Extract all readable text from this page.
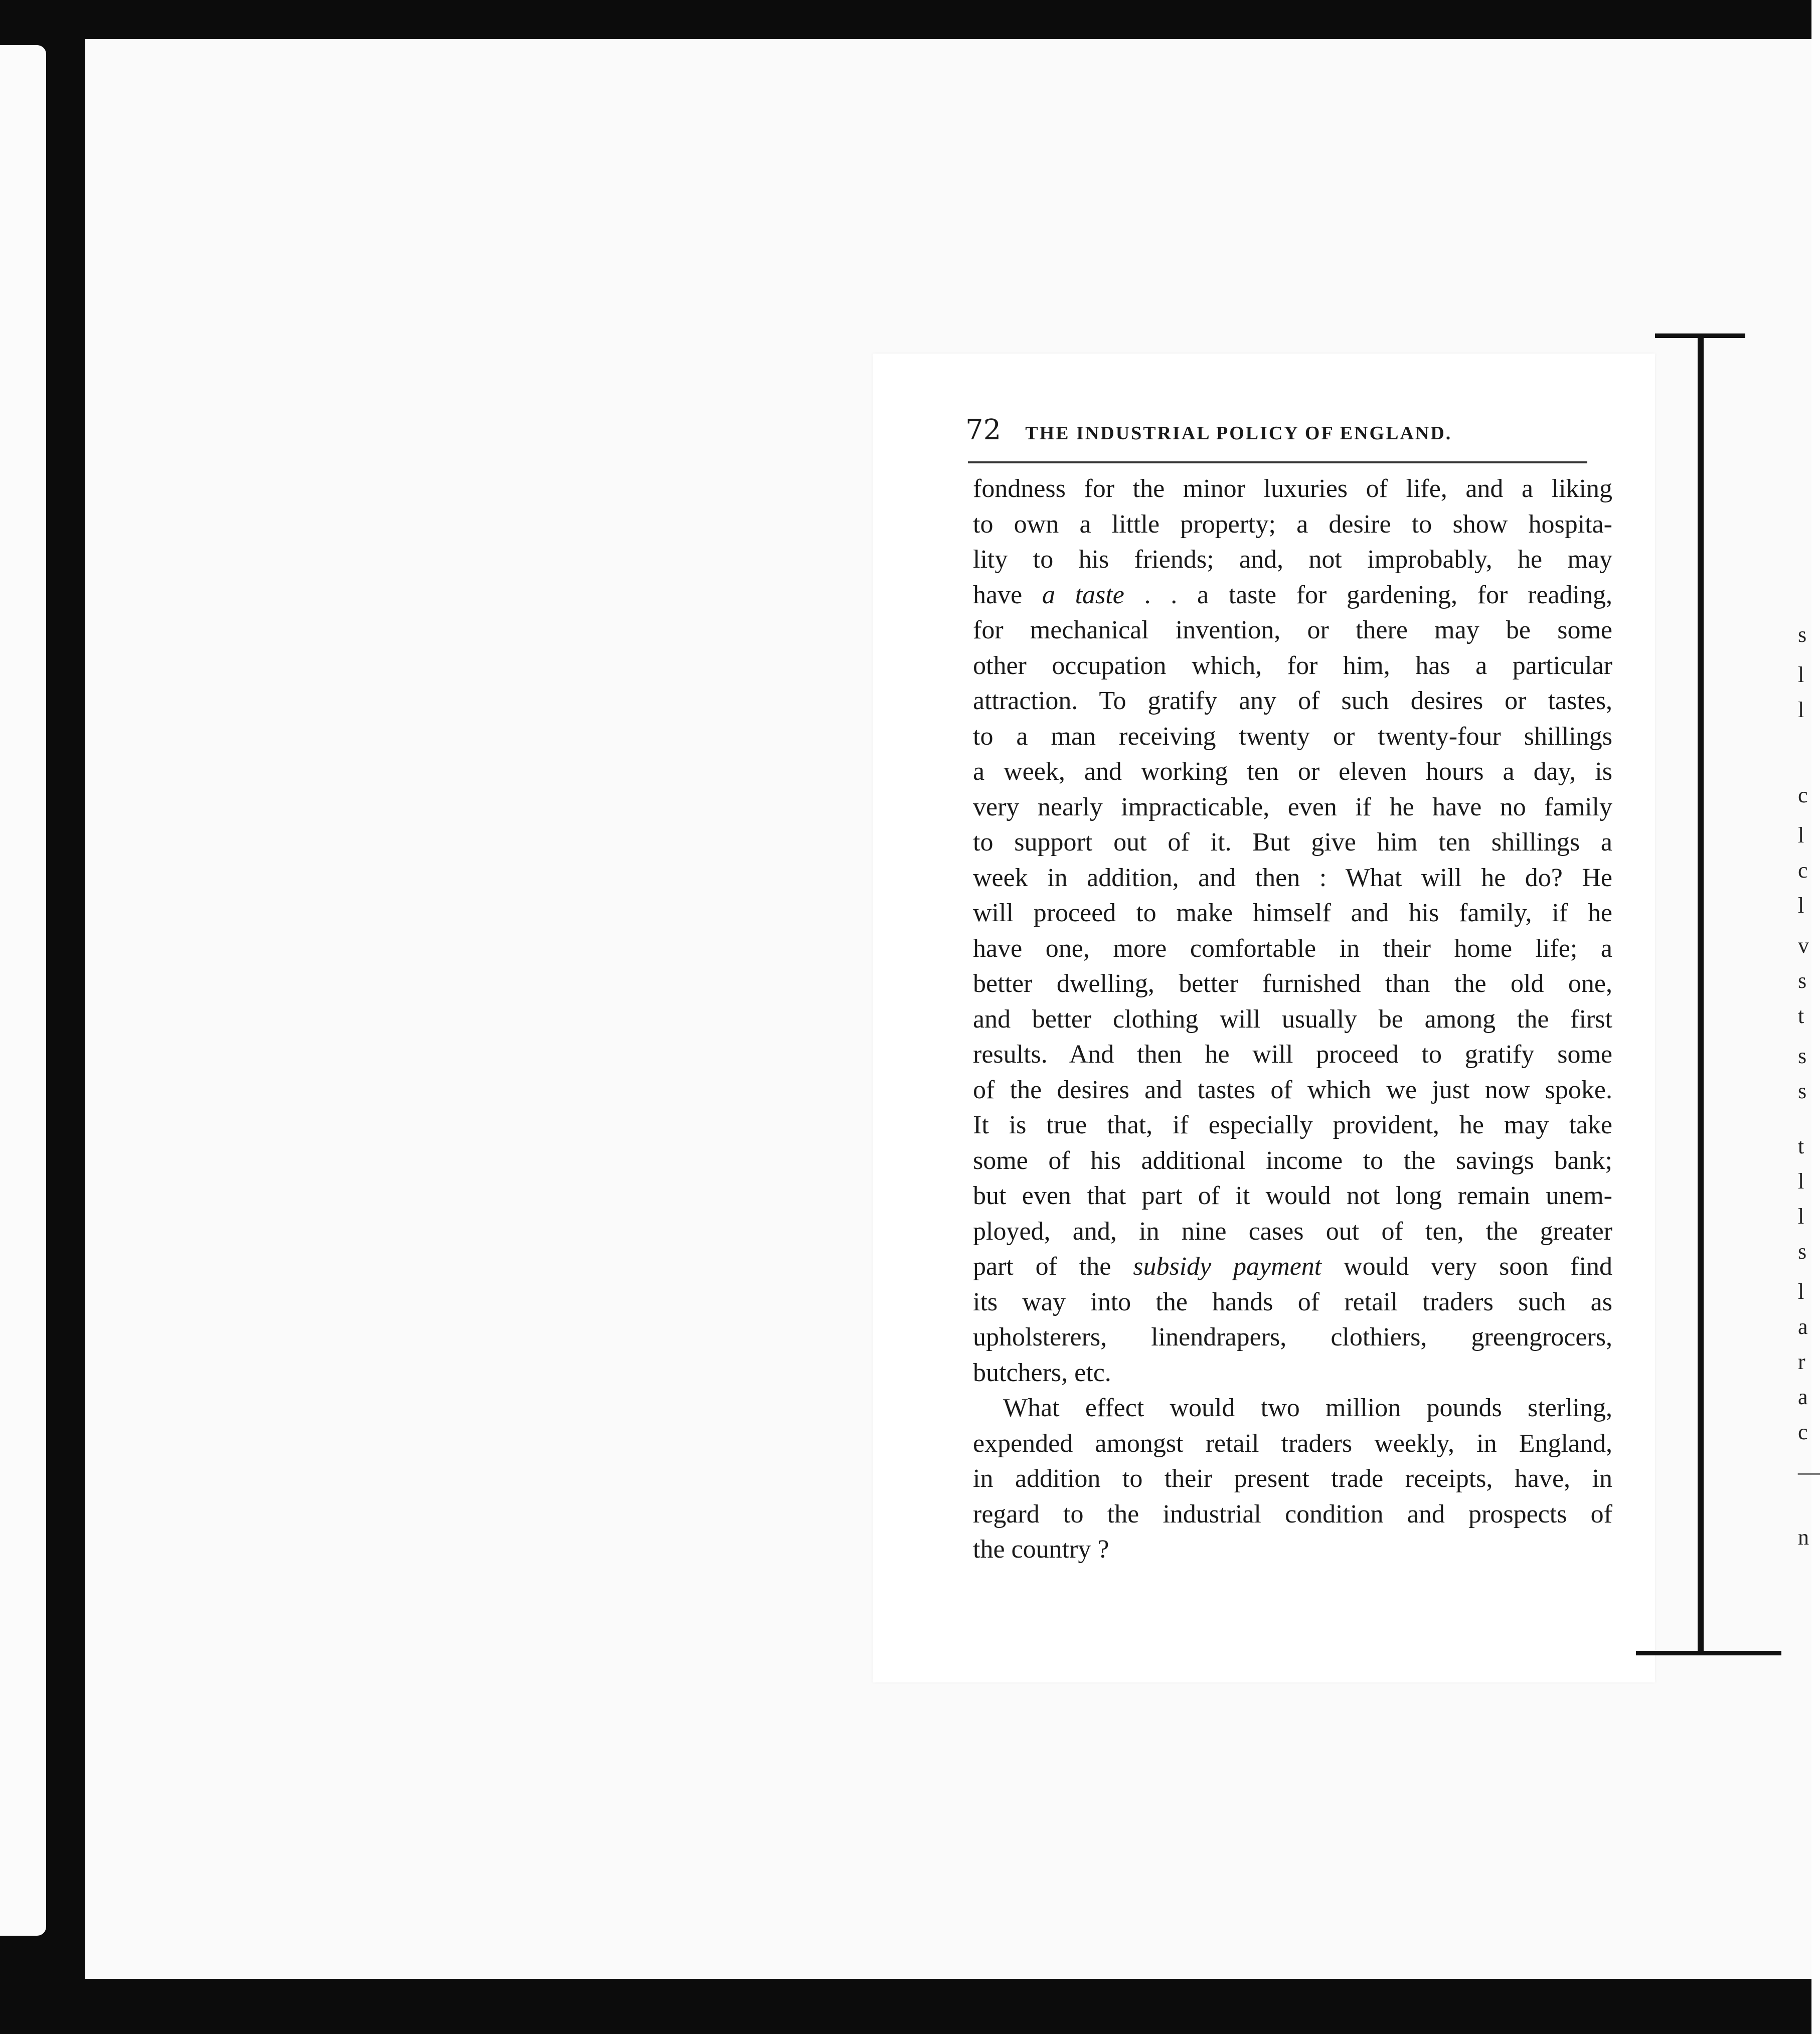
72 THE INDUSTRIAL POLICY OF ENGLAND.
fondness for the minor luxuries of life, and a liking
to own a little property; a desire to show hospita-
lity to his friends; and, not improbably, he may
have a taste . . a taste for gardening, for reading,
for mechanical invention, or there may be some
other occupation which, for him, has a particular
attraction. To gratify any of such desires or tastes,
to a man receiving twenty or twenty-four shillings
a week, and working ten or eleven hours a day, is
very nearly impracticable, even if he have no family
to support out of it. But give him ten shillings a
week in addition, and then : What will he do? He
will proceed to make himself and his family, if he
have one, more comfortable in their home life; a
better dwelling, better furnished than the old one,
and better clothing will usually be among the first
results. And then he will proceed to gratify some
of the desires and tastes of which we just now spoke.
It is true that, if especially provident, he may take
some of his additional income to the savings bank;
but even that part of it would not long remain unem-
ployed, and, in nine cases out of ten, the greater
part of the subsidy payment would very soon find
its way into the hands of retail traders such as
upholsterers, linendrapers, clothiers, greengrocers,
butchers, etc.
What effect would two million pounds sterling,
expended amongst retail traders weekly, in England,
in addition to their present trade receipts, have, in
regard to the industrial condition and prospects of
the country ?
s
l
l
c
l
c
l
v
s
t
s
s
t
l
l
s
l
a
r
a
c
—
n
